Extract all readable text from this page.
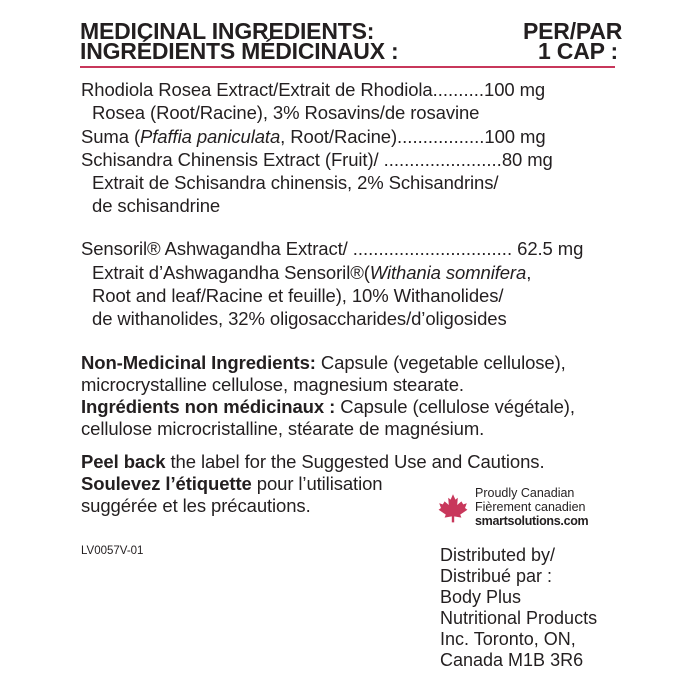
MEDICINAL INGREDIENTS:
INGRÉDIENTS MÉDICINAUX :
PER/PAR
1 CAP :
Rhodiola Rosea Extract/Extrait de Rhodiola..........100 mg
Rosea (Root/Racine), 3% Rosavins/de rosavine
Suma (Pfaffia paniculata, Root/Racine).................100 mg
Schisandra Chinensis Extract (Fruit)/ .......................80 mg
Extrait de Schisandra chinensis, 2% Schisandrins/
de schisandrine
Sensoril® Ashwagandha Extract/ ............................... 62.5 mg
Extrait d’Ashwagandha Sensoril®(Withania somnifera,
Root and leaf/Racine et feuille), 10% Withanolides/
de withanolides, 32% oligosaccharides/d’oligosides
Non-Medicinal Ingredients: Capsule (vegetable cellulose),
microcrystalline cellulose, magnesium stearate.
Ingrédients non médicinaux : Capsule (cellulose végétale),
cellulose microcristalline, stéarate de magnésium.
Peel back the label for the Suggested Use and Cautions.
Soulevez l’étiquette pour l’utilisation
suggérée et les précautions.
Proudly Canadian
Fièrement canadien
smartsolutions.com
LV0057V-01	Distributed by/
Distribué par :
Body Plus
Nutritional Products
Inc. Toronto, ON,
Canada M1B 3R6
